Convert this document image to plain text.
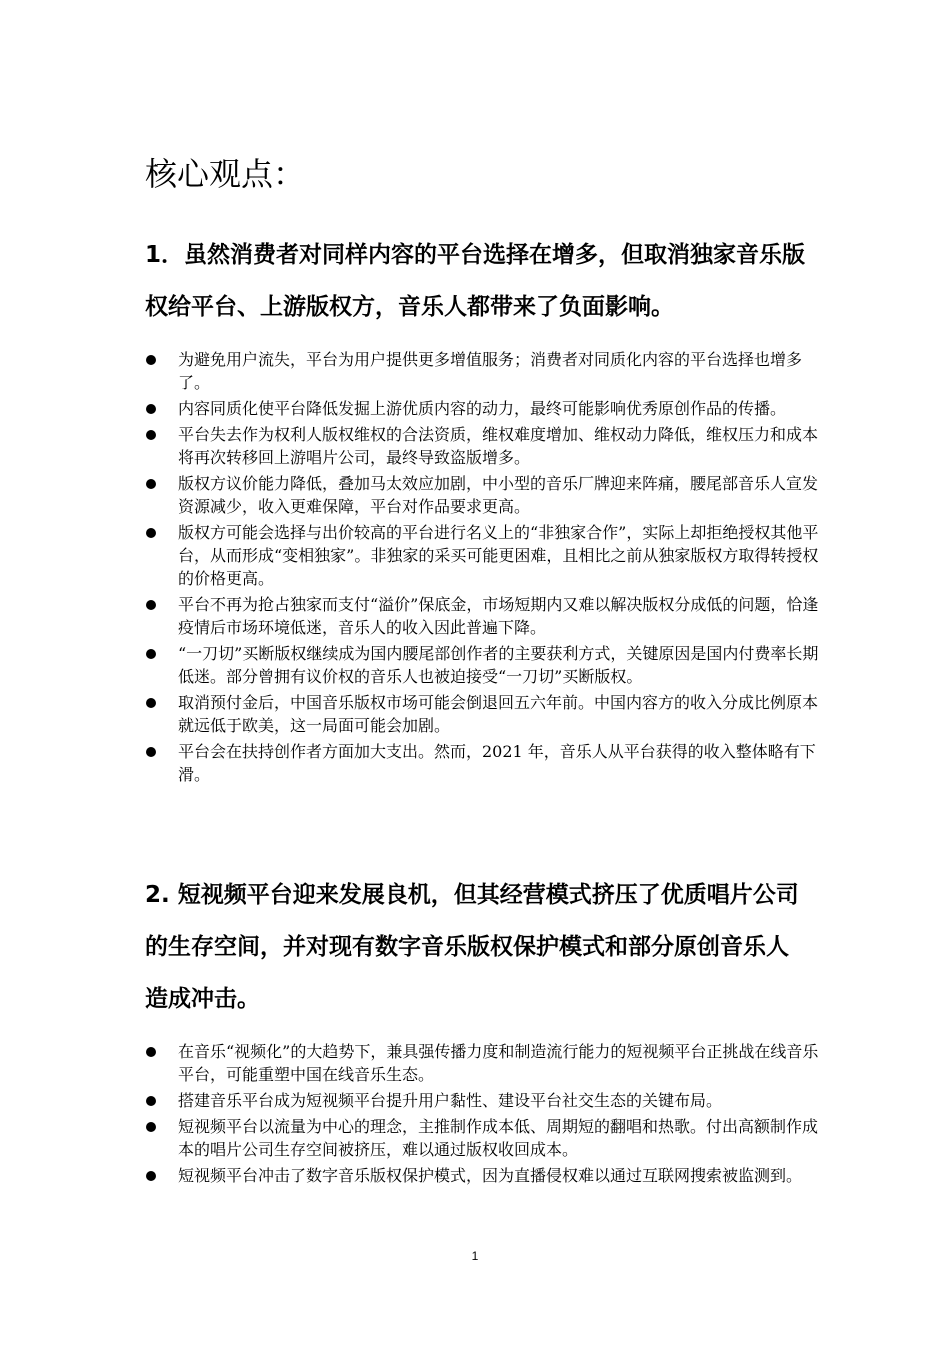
核心观点：
1．虽然消费者对同样内容的平台选择在增多，但取消独家音乐版权给平台、上游版权方，音乐人都带来了负面影响。
为避免用户流失，平台为用户提供更多增值服务；消费者对同质化内容的平台选择也增多了。
内容同质化使平台降低发掘上游优质内容的动力，最终可能影响优秀原创作品的传播。
平台失去作为权利人版权维权的合法资质，维权难度增加、维权动力降低，维权压力和成本将再次转移回上游唱片公司，最终导致盗版增多。
版权方议价能力降低，叠加马太效应加剧，中小型的音乐厂牌迎来阵痛，腰尾部音乐人宣发资源减少，收入更难保障，平台对作品要求更高。
版权方可能会选择与出价较高的平台进行名义上的“非独家合作”，实际上却拒绝授权其他平台，从而形成“变相独家”。非独家的采买可能更困难，且相比之前从独家版权方取得转授权的价格更高。
平台不再为抢占独家而支付“溢价”保底金，市场短期内又难以解决版权分成低的问题，恰逢疫情后市场环境低迷，音乐人的收入因此普遍下降。
“一刀切”买断版权继续成为国内腰尾部创作者的主要获利方式，关键原因是国内付费率长期低迷。部分曾拥有议价权的音乐人也被迫接受“一刀切”买断版权。
取消预付金后，中国音乐版权市场可能会倒退回五六年前。中国内容方的收入分成比例原本就远低于欧美，这一局面可能会加剧。
平台会在扶持创作者方面加大支出。然而，2021 年，音乐人从平台获得的收入整体略有下滑。
2. 短视频平台迎来发展良机，但其经营模式挤压了优质唱片公司的生存空间，并对现有数字音乐版权保护模式和部分原创音乐人造成冲击。
在音乐“视频化”的大趋势下，兼具强传播力度和制造流行能力的短视频平台正挑战在线音乐平台，可能重塑中国在线音乐生态。
搭建音乐平台成为短视频平台提升用户黏性、建设平台社交生态的关键布局。
短视频平台以流量为中心的理念，主推制作成本低、周期短的翻唱和热歌。付出高额制作成本的唱片公司生存空间被挤压，难以通过版权收回成本。
短视频平台冲击了数字音乐版权保护模式，因为直播侵权难以通过互联网搜索被监测到。
1
